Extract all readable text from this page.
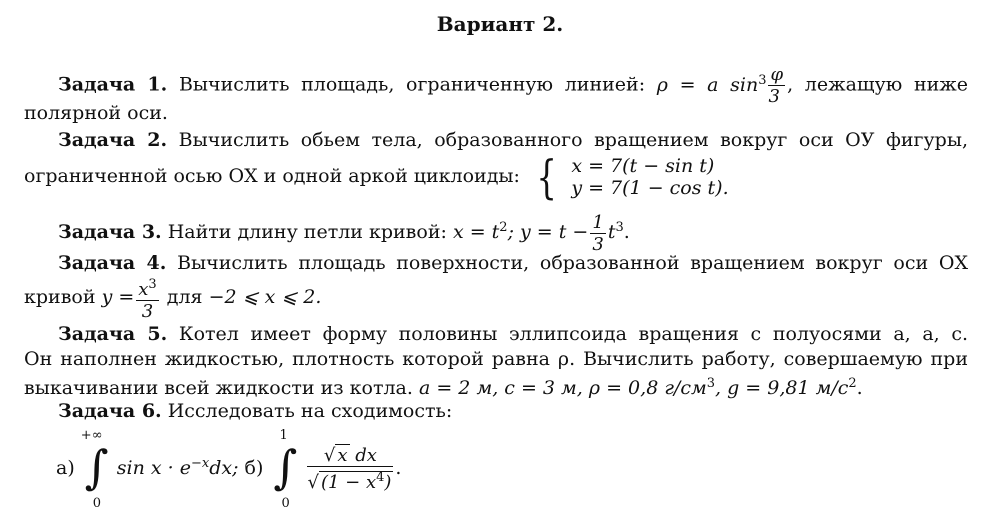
Вариант 2.
Задача 1. Вычислить площадь, ограниченную линией: ρ = a $\sin^3 \frac{\varphi}{3}$ , лежащую ниже
полярной оси.
Задача 2. Вычислить обьем тела, образованного вращением вокруг оси ОУ фигуры,
ограниченной осью ОХ и одной аркой циклоиды: { x = 7(t − sin t)
y = 7(1 − cos t).
Задача 3. Найти длину петли кривой: $x = t^2$; $y = t - \frac{1}{3} t^3$.
Задача 4. Вычислить площадь поверхности, образованной вращением вокруг оси ОХ
кривой $y = \frac{x^3}{3}$ для −2 ⩽ x ⩽ 2.
Задача 5. Котел имеет форму половины эллипсоида вращения с полуосями а, а, с.
Он наполнен жидкостью, плотность которой равна ρ. Вычислить работу, совершаемую при
выкачивании всей жидкости из котла. a = 2 м, c = 3 м, ρ = 0,8 $г/см^3$, g = 9,81 $м/с^2$.
Задача 6. Исследовать на сходимость:
а)
+∞
∫
0
$\sin x \cdot e^{-x}dx$; б)
1
∫
0
$\frac{\text{√ x dx}}{√ (1 - x^4)}$ .
